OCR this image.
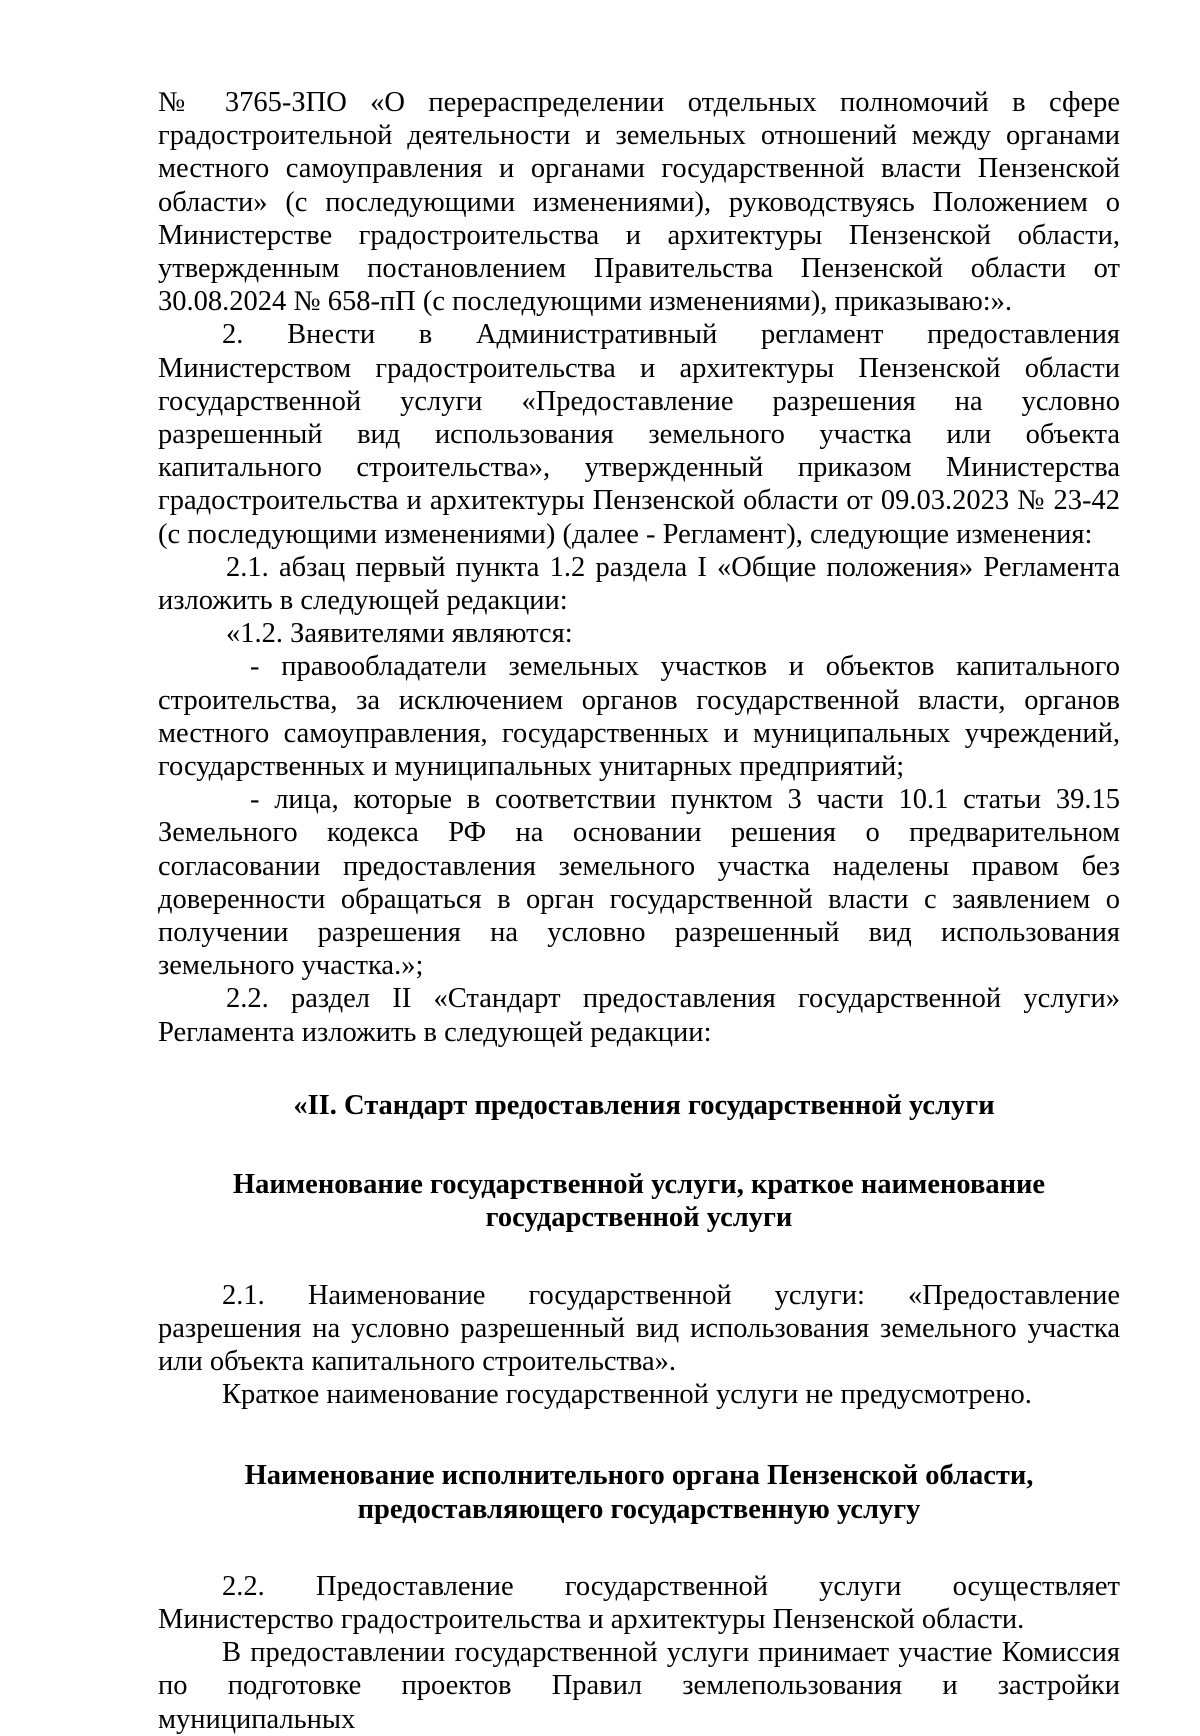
№ 3765-ЗПО «О перераспределении отдельных полномочий в сфере градостроительной деятельности и земельных отношений между органами местного самоуправления и органами государственной власти Пензенской области» (с последующими изменениями), руководствуясь Положением о Министерстве градостроительства и архитектуры Пензенской области, утвержденным постановлением Правительства Пензенской области от 30.08.2024 № 658-пП (с последующими изменениями), приказываю:».

2. Внести в Административный регламент предоставления Министерством градостроительства и архитектуры Пензенской области государственной услуги «Предоставление разрешения на условно разрешенный вид использования земельного участка или объекта капитального строительства», утвержденный приказом Министерства градостроительства и архитектуры Пензенской области от 09.03.2023 № 23-42 (с последующими изменениями) (далее - Регламент), следующие изменения:

2.1. абзац первый пункта 1.2 раздела I «Общие положения» Регламента изложить в следующей редакции:

«1.2. Заявителями являются:

- правообладатели земельных участков и объектов капитального строительства, за исключением органов государственной власти, органов местного самоуправления, государственных и муниципальных учреждений, государственных и муниципальных унитарных предприятий;

- лица, которые в соответствии пунктом 3 части 10.1 статьи 39.15 Земельного кодекса РФ на основании решения о предварительном согласовании предоставления земельного участка наделены правом без доверенности обращаться в орган государственной власти с заявлением о получении разрешения на условно разрешенный вид использования земельного участка.»;

2.2. раздел II «Стандарт предоставления государственной услуги» Регламента изложить в следующей редакции:

«II. Стандарт предоставления государственной услуги

Наименование государственной услуги, краткое наименование государственной услуги

2.1. Наименование государственной услуги: «Предоставление разрешения на условно разрешенный вид использования земельного участка или объекта капитального строительства».

Краткое наименование государственной услуги не предусмотрено.

Наименование исполнительного органа Пензенской области, предоставляющего государственную услугу

2.2. Предоставление государственной услуги осуществляет Министерство градостроительства и архитектуры Пензенской области.

В предоставлении государственной услуги принимает участие Комиссия по подготовке проектов Правил землепользования и застройки муниципальных
